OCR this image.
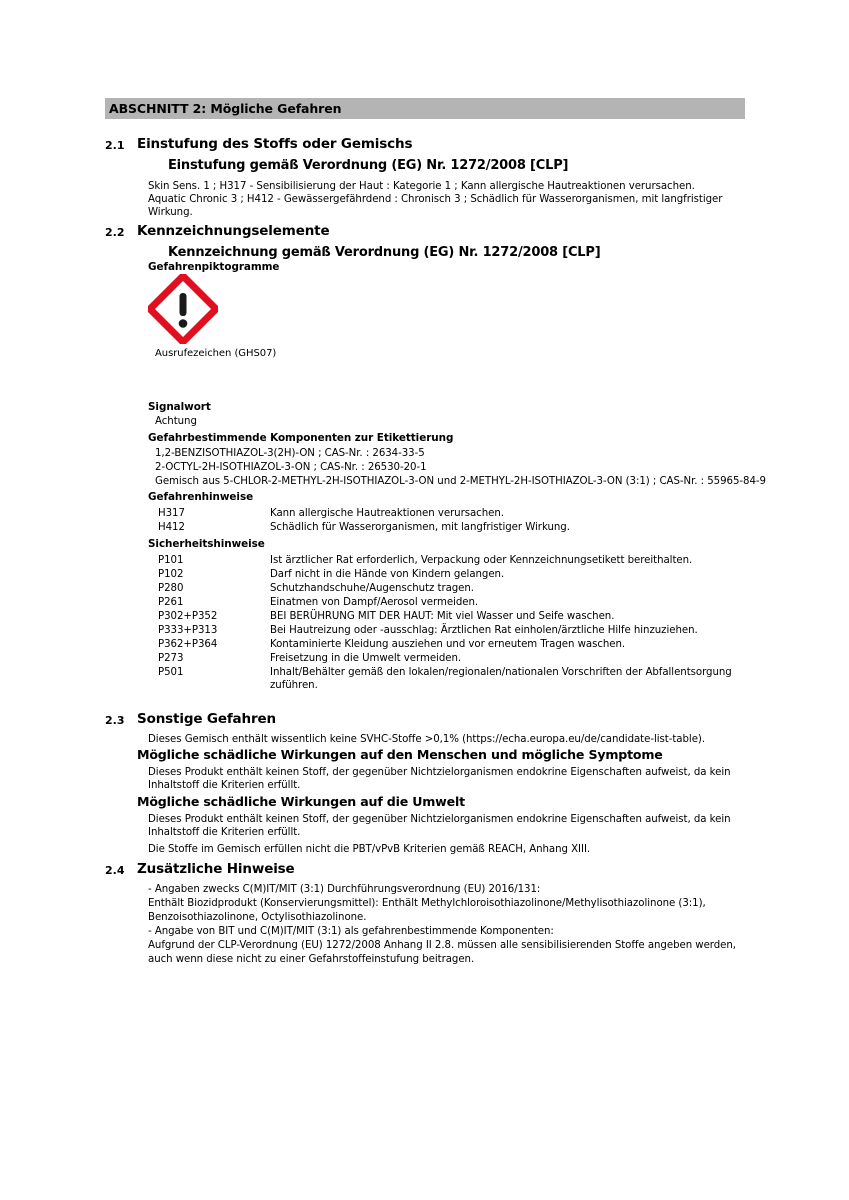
ABSCHNITT 2: Mögliche Gefahren
2.1 Einstufung des Stoffs oder Gemischs
Einstufung gemäß Verordnung (EG) Nr. 1272/2008 [CLP]
Skin Sens. 1 ; H317 - Sensibilisierung der Haut : Kategorie 1 ; Kann allergische Hautreaktionen verursachen.
Aquatic Chronic 3 ; H412 - Gewässergefährdend : Chronisch 3 ; Schädlich für Wasserorganismen, mit langfristiger Wirkung.
2.2 Kennzeichnungselemente
Kennzeichnung gemäß Verordnung (EG) Nr. 1272/2008 [CLP]
Gefahrenpiktogramme
Ausrufezeichen (GHS07)
Signalwort
Achtung
Gefahrbestimmende Komponenten zur Etikettierung
1,2-BENZISOTHIAZOL-3(2H)-ON ; CAS-Nr. : 2634-33-5
2-OCTYL-2H-ISOTHIAZOL-3-ON ; CAS-Nr. : 26530-20-1
Gemisch aus 5-CHLOR-2-METHYL-2H-ISOTHIAZOL-3-ON und 2-METHYL-2H-ISOTHIAZOL-3-ON (3:1) ; CAS-Nr. : 55965-84-9
Gefahrenhinweise
H317	Kann allergische Hautreaktionen verursachen.
H412	Schädlich für Wasserorganismen, mit langfristiger Wirkung.
Sicherheitshinweise
P101	Ist ärztlicher Rat erforderlich, Verpackung oder Kennzeichnungsetikett bereithalten.
P102	Darf nicht in die Hände von Kindern gelangen.
P280	Schutzhandschuhe/Augenschutz tragen.
P261	Einatmen von Dampf/Aerosol vermeiden.
P302+P352	BEI BERÜHRUNG MIT DER HAUT: Mit viel Wasser und Seife waschen.
P333+P313	Bei Hautreizung oder -ausschlag: Ärztlichen Rat einholen/ärztliche Hilfe hinzuziehen.
P362+P364	Kontaminierte Kleidung ausziehen und vor erneutem Tragen waschen.
P273	Freisetzung in die Umwelt vermeiden.
P501	Inhalt/Behälter gemäß den lokalen/regionalen/nationalen Vorschriften der Abfallentsorgung zuführen.
2.3 Sonstige Gefahren
Dieses Gemisch enthält wissentlich keine SVHC-Stoffe >0,1% (https://echa.europa.eu/de/candidate-list-table).
Mögliche schädliche Wirkungen auf den Menschen und mögliche Symptome
Dieses Produkt enthält keinen Stoff, der gegenüber Nichtzielorganismen endokrine Eigenschaften aufweist, da kein Inhaltstoff die Kriterien erfüllt.
Mögliche schädliche Wirkungen auf die Umwelt
Dieses Produkt enthält keinen Stoff, der gegenüber Nichtzielorganismen endokrine Eigenschaften aufweist, da kein Inhaltstoff die Kriterien erfüllt.
Die Stoffe im Gemisch erfüllen nicht die PBT/vPvB Kriterien gemäß REACH, Anhang XIII.
2.4 Zusätzliche Hinweise
- Angaben zwecks C(M)IT/MIT (3:1) Durchführungsverordnung (EU) 2016/131:
Enthält Biozidprodukt (Konservierungsmittel): Enthält Methylchloroisothiazolinone/Methylisothiazolinone (3:1), Benzoisothiazolinone, Octylisothiazolinone.
- Angabe von BIT und C(M)IT/MIT (3:1) als gefahrenbestimmende Komponenten:
Aufgrund der CLP-Verordnung (EU) 1272/2008 Anhang II 2.8. müssen alle sensibilisierenden Stoffe angeben werden, auch wenn diese nicht zu einer Gefahrstoffeinstufung beitragen.
